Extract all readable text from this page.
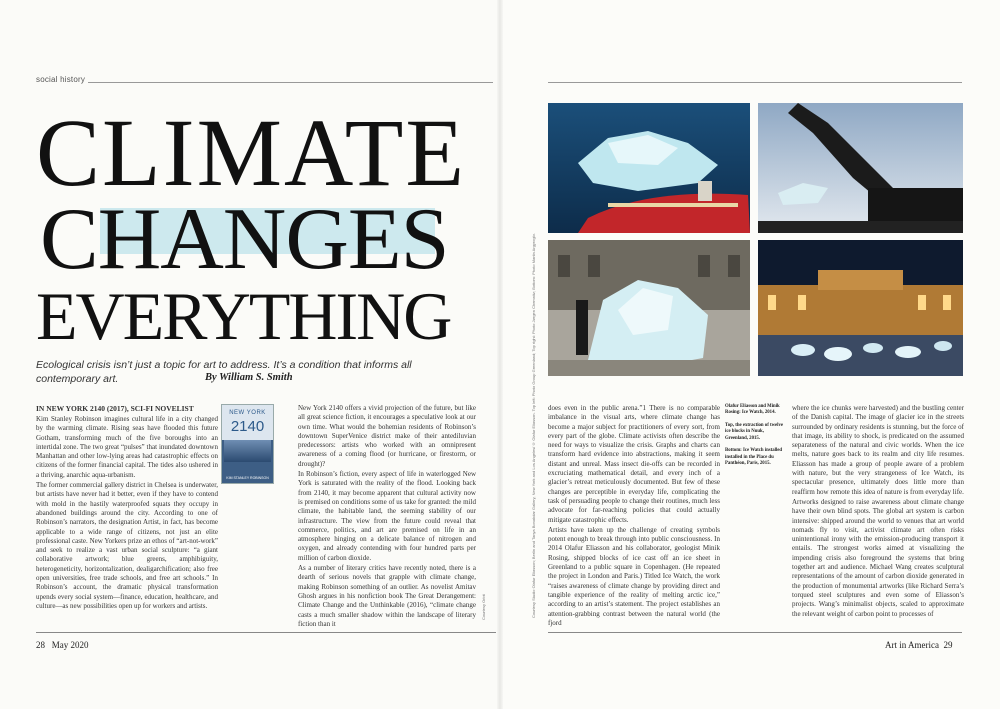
social history
CLIMATE
CHANGES
EVERYTHING
Ecological crisis isn’t just a topic for art to address. It’s a condition that informs all contemporary art.	By William S. Smith

IN NEW YORK 2140 (2017), SCI-FI NOVELIST

Kim Stanley Robinson imagines cultural life in a city changed by the warming climate. Rising seas have flooded this future Gotham, transforming much of the five boroughs into an intertidal zone. The two great “pulses” that inundated downtown Manhattan and other low-lying areas had catastrophic effects on citizens of the former financial capital. The tides also ushered in a thriving, anarchic aqua-urbanism.

The former commercial gallery district in Chelsea is underwater, but artists have never had it better, even if they have to contend with mold in the hastily waterproofed squats they occupy in abandoned buildings around the city. According to one of Robinson’s narrators, the designation Artist, in fact, has become applicable to a wide range of citizens, not just an elite professional caste. New Yorkers prize an ethos of “art-not-work” and seek to realize a vast urban social sculpture: “a giant collaborative artwork; blue greens, amphibiguity, heterogeneticity, horizontalization, dealigarchification; also free open universities, free trade schools, and free art schools.” In Robinson’s account, the dramatic physical transformation upends every social system—finance, education, healthcare, and culture—as new possibilities open up for workers and artists.

NEW YORK
2140
KIM STANLEY ROBINSON

New York 2140 offers a vivid projection of the future, but like all great science fiction, it encourages a speculative look at our own time. What would the bohemian residents of Robinson’s downtown SuperVenice district make of their antediluvian predecessors: artists who worked with an omnipresent awareness of a coming flood (or hurricane, or firestorm, or drought)?

In Robinson’s fiction, every aspect of life in waterlogged New York is saturated with the reality of the flood. Looking back from 2140, it may become apparent that cultural activity now is premised on conditions some of us take for granted: the mild climate, the habitable land, the seeming stability of our infrastructure. The view from the future could reveal that commerce, politics, and art are premised on life in an atmosphere hinging on a delicate balance of nitrogen and oxygen, and already contending with four hundred parts per million of carbon dioxide.

As a number of literary critics have recently noted, there is a dearth of serious novels that grapple with climate change, making Robinson something of an outlier. As novelist Amitav Ghosh argues in his nonfiction book The Great Derangement: Climate Change and the Unthinkable (2016), “climate change casts a much smaller shadow within the landscape of literary fiction than it

Courtesy Orbit	Courtesy Studio Olafur Eliasson; Berlin and Tanya Bonakdar Gallery, New York and Los Angeles/© Olafur Eliasson. Top left: Photo Group Greenland; Top right: Photo Jørgen Chemnitz; Bottom: Photo Martin Argyroglo. does even in the public arena.”1 There is no comparable imbalance in the visual arts, where climate change has become a major subject for practitioners of every sort, from every part of the globe. Climate activists often describe the need for ways to visualize the crisis. Graphs and charts can transform hard evidence into abstractions, making it seem distant and unreal. Mass insect die-offs can be recorded in excruciating mathematical detail, and every inch of a glacier’s retreat meticulously documented. But few of these changes are perceptible in everyday life, complicating the task of persuading people to change their routines, much less advocate for far-reaching policies that could actually mitigate catastrophic effects.

Artists have taken up the challenge of creating symbols potent enough to break through into public consciousness. In 2014 Olafur Eliasson and his collaborator, geologist Minik Rosing, shipped blocks of ice cast off an ice sheet in Greenland to a public square in Copenhagen. (He repeated the project in London and Paris.) Titled Ice Watch, the work “raises awareness of climate change by providing direct and tangible experience of the reality of melting arctic ice,” according to an artist’s statement. The project establishes an attention-grabbing contrast between the natural world (the fjord

Olafur Eliasson and Minik Rosing: Ice Watch, 2014.

Top, the extraction of twelve ice blocks in Nuuk, Greenland, 2015.

Bottom: Ice Watch installed installed in the Place du Panthéon, Paris, 2015.

where the ice chunks were harvested) and the bustling center of the Danish capital. The image of glacier ice in the streets surrounded by ordinary residents is stunning, but the force of that image, its ability to shock, is predicated on the assumed separateness of the natural and civic worlds. When the ice melts, nature goes back to its realm and city life resumes. Eliasson has made a group of people aware of a problem with nature, but the very strangeness of Ice Watch, its spectacular presence, ultimately does little more than reaffirm how remote this idea of nature is from everyday life.

Artworks designed to raise awareness about climate change have their own blind spots. The global art system is carbon intensive: shipped around the world to venues that art world nomads fly to visit, activist climate art often risks unintentional irony with the emission-producing transport it entails. The strongest works aimed at visualizing the impending crisis also foreground the systems that bring together art and audience. Michael Wang creates sculptural representations of the amount of carbon dioxide generated in the production of monumental artworks (like Richard Serra’s torqued steel sculptures and even some of Eliasson’s projects. Wang’s minimalist objects, scaled to approximate the relevant weight of carbon point to processes of

28 May 2020	Art in America 29
